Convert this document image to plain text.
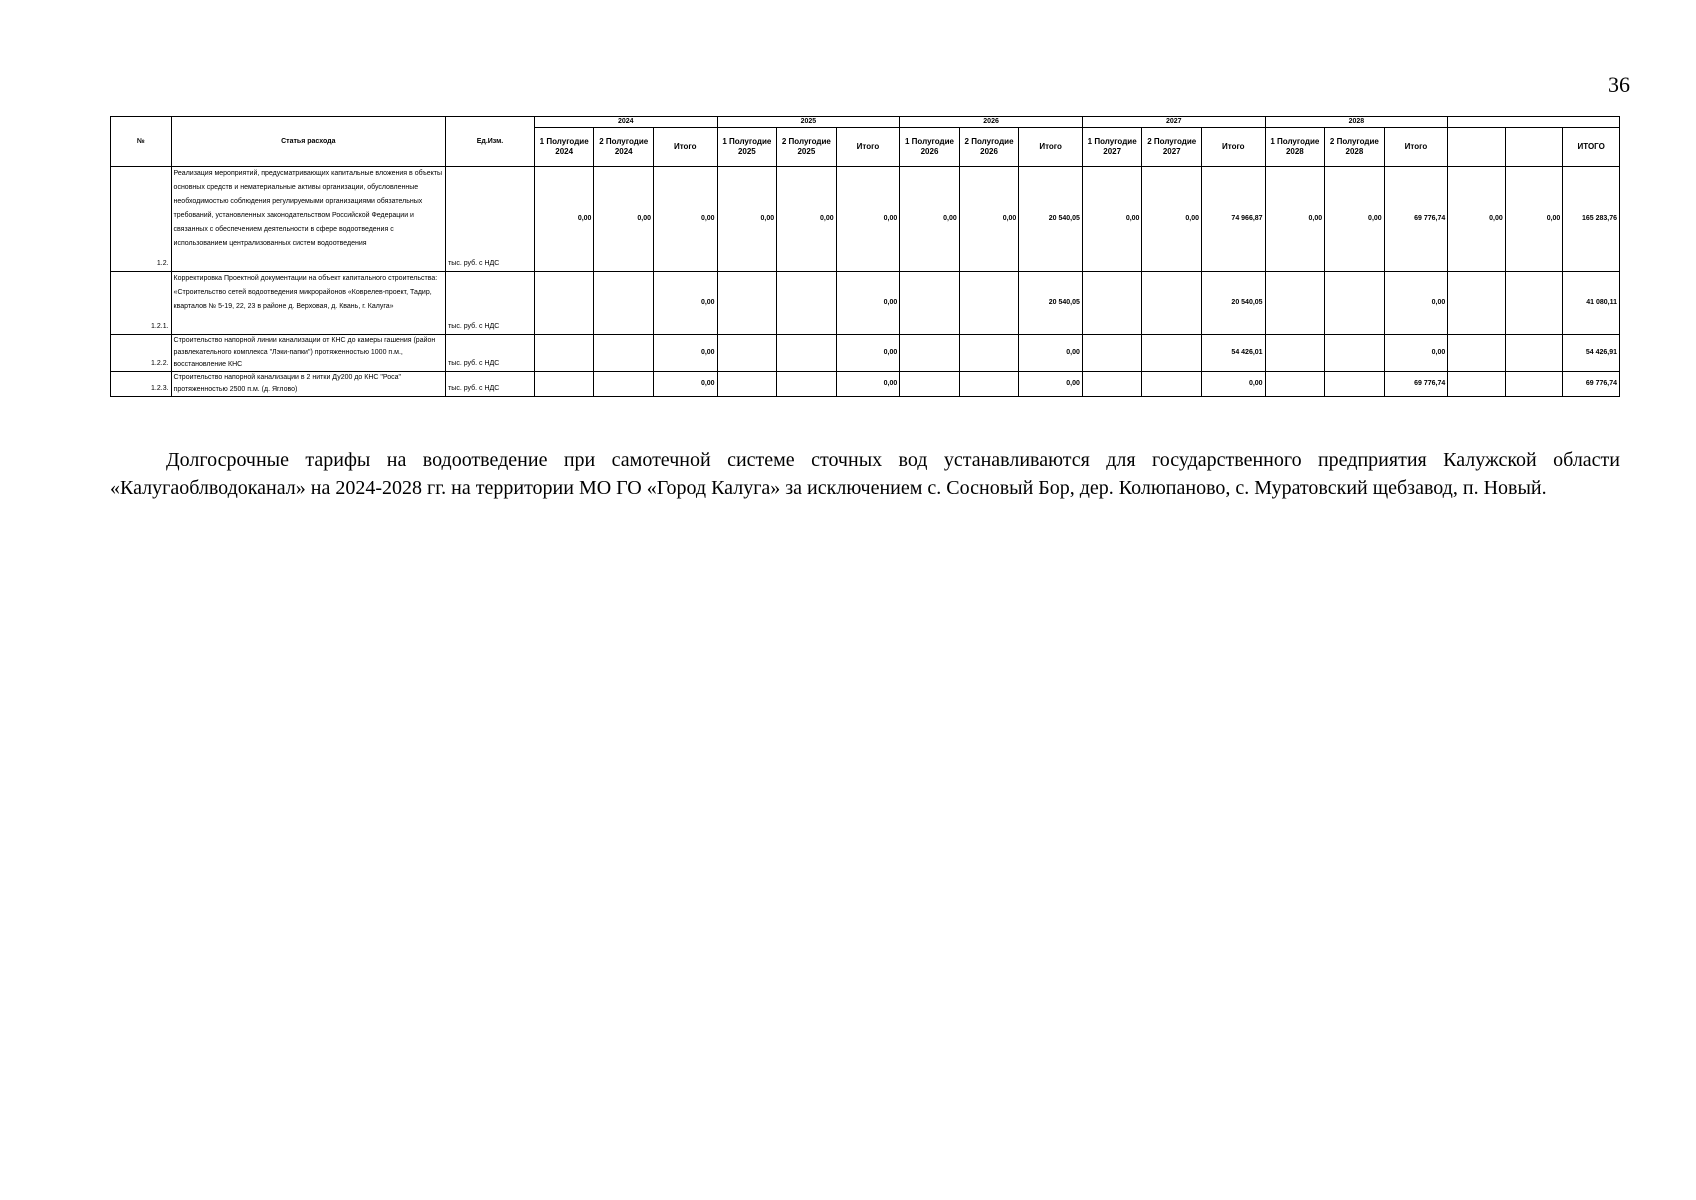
36
№	Статья расхода	Ед.Изм.	2024			2025			2026			2027			2028					
			1 Полугодие 2024	2 Полугодие 2024	Итого	1 Полугодие 2025	2 Полугодие 2025	Итого	1 Полугодие 2026	2 Полугодие 2026	Итого	1 Полугодие 2027	2 Полугодие 2027	Итого	1 Полугодие 2028	2 Полугодие 2028	Итого			ИТОГО
1.2.	Реализация мероприятий, предусматривающих капитальные вложения в объекты основных средств и нематериальные активы организации, обусловленные необходимостью соблюдения регулируемыми организациями обязательных требований, установленных законодательством Российской Федерации и связанных с обеспечением деятельности в сфере водоотведения с использованием централизованных систем водоотведения	тыс. руб. с НДС	0,00	0,00	0,00	0,00	0,00	0,00	0,00	0,00	20 540,05	0,00	0,00	74 966,87	0,00	0,00	69 776,74	0,00	0,00	165 283,76
1.2.1.	Корректировка Проектной документации на объект капитального строительства: «Строительство сетей водоотведения микрорайонов «Коврелев-проект, Тадир, кварталов № 5-19, 22, 23 в районе д. Верховая, д. Квань, г. Калуга»	тыс. руб. с НДС			0,00			0,00			20 540,05			20 540,05			0,00			41 080,11
1.2.2.	Строительство напорной линии канализации от КНС до камеры гашения (район развлекательного комплекса "Лэки-папки") протяженностью 1000 п.м., восстановление КНС	тыс. руб. с НДС			0,00			0,00			0,00			54 426,01			0,00			54 426,91
1.2.3.	Строительство напорной канализации в 2 нитки Ду200 до КНС "Роса" протяженностью 2500 п.м. (д. Яглово)	тыс. руб. с НДС			0,00			0,00			0,00			0,00			69 776,74			69 776,74

Долгосрочные тарифы на водоотведение при самотечной системе сточных вод устанавливаются для государственного предприятия Калужской области «Калугаоблводоканал» на 2024-2028 гг. на территории МО ГО «Город Калуга» за исключением с. Сосновый Бор, дер. Колюпаново, с. Муратовский щебзавод, п. Новый.
